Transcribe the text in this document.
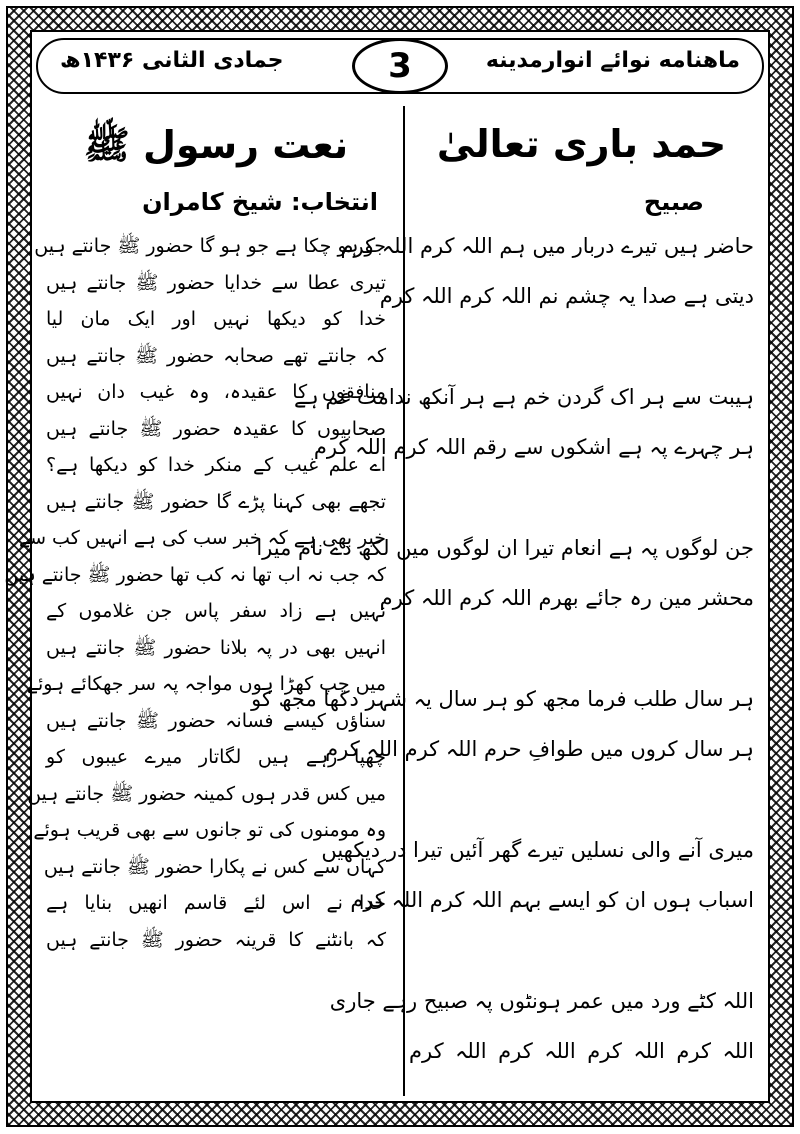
ماهنامه نوائے انوارمدینه
جمادی الثانی ۱۴۳۶ھ	3
حمد باری تعالیٰ
صبیح
حاضر ہیں تیرے دربار میں ہم اللہ کرم اللہ کرم
دیتی ہے صدا یہ چشم نم اللہ کرم اللہ کرم
ہیبت سے ہر اک گردن خم ہے ہر آنکھ ندامت غم ہے
ہر چہرے پہ ہے اشکوں سے رقم اللہ کرم اللہ کرم
جن لوگوں پہ ہے انعام تیرا ان لوگوں میں لکھ دے نام میرا
محشر مین رہ جائے بھرم اللہ کرم اللہ کرم
ہر سال طلب فرما مجھ کو ہر سال یہ شہر دکھا مجھ کو
ہر سال کروں میں طوافِ حرم اللہ کرم اللہ کرم
میری آنے والی نسلیں تیرے گھر آئیں تیرا در دیکھیں
اسباب ہوں ان کو ایسے بہم اللہ کرم اللہ کرم
اللہ کٹے ورد میں عمر ہونٹوں پہ صبیح رہے جاری
اللہ کرم اللہ کرم اللہ کرم اللہ کرم
نعت رسول ﷺ
انتخاب: شیخ کامران
جو ہو چکا ہے جو ہو گا حضور ﷺ جانتے ہیں
تیری عطا سے خدایا حضور ﷺ جانتے ہیں
خدا کو دیکھا نہیں اور ایک مان لیا
کہ جانتے تھے صحابہ حضور ﷺ جانتے ہیں
منافقوں کا عقیدہ، وہ غیب دان نہیں
صحابیوں کا عقیدہ حضور ﷺ جانتے ہیں
اے علم غیب کے منکر خدا کو دیکھا ہے؟
تجھے بھی کہنا پڑے گا حضور ﷺ جانتے ہیں
خبر بھی ہے کہ خبر سب کی ہے انہیں کب سے
کہ جب نہ اب تھا نہ کب تھا حضور ﷺ جانتے ہیں
نہیں ہے زاد سفر پاس جن غلاموں کے
انہیں بھی در پہ بلانا حضور ﷺ جانتے ہیں
میں چپ کھڑا ہوں مواجہ پہ سر جھکائے ہوئے
سناؤں کیسے فسانہ حضور ﷺ جانتے ہیں
چھپا رہے ہیں لگاتار میرے عیبوں کو
میں کس قدر ہوں کمینہ حضور ﷺ جانتے ہیں
وہ مومنوں کی تو جانوں سے بھی قریب ہوئے
کہاں سے کس نے پکارا حضور ﷺ جانتے ہیں
خدا نے اس لئے قاسم انھیں بنایا ہے
کہ بانٹنے کا قرینہ حضور ﷺ جانتے ہیں
